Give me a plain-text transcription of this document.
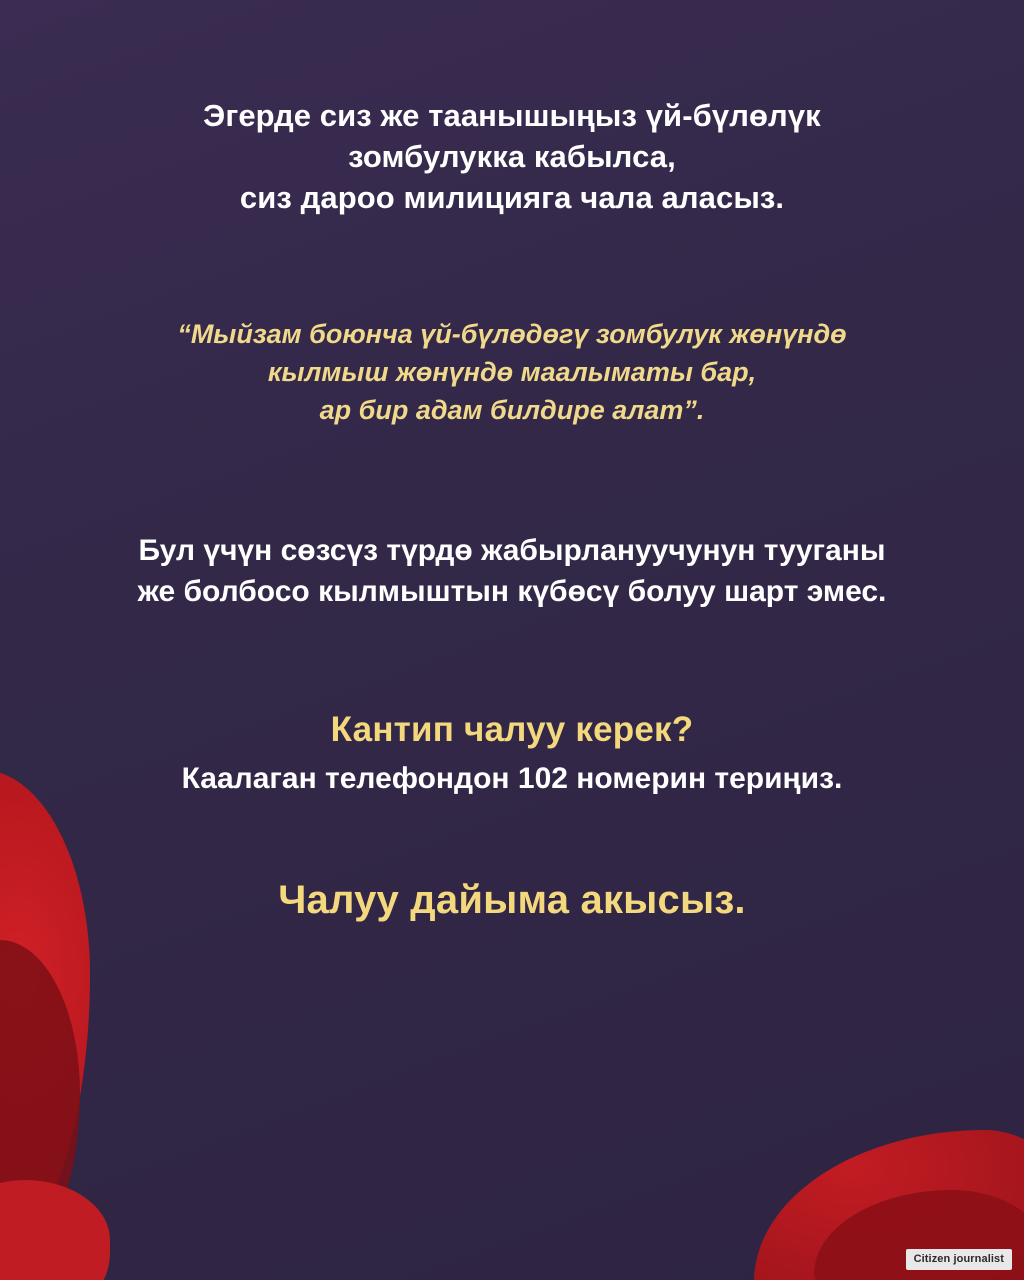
Эгерде сиз же таанышыңыз үй-бүлөлүк
зомбулукка кабылса,
сиз дароо милицияга чала аласыз.
“Мыйзам боюнча үй-бүлөдөгү зомбулук жөнүндө
кылмыш жөнүндө маалыматы бар,
ар бир адам билдире алат”.
Бул үчүн сөзсүз түрдө жабырлануучунун тууганы
же болбосо кылмыштын күбөсү болуу шарт эмес.
Кантип чалуу керек?
Каалаган телефондон 102 номерин териңиз.
Чалуу дайыма акысыз.
Citizen journalist
